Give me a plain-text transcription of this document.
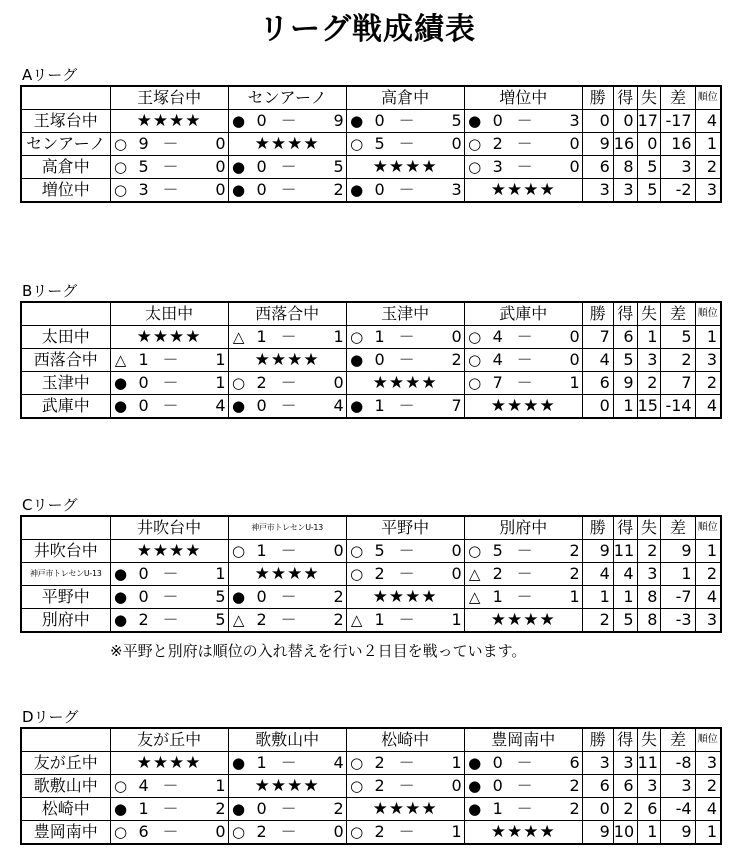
リーグ戦成績表
Aリーグ
	王塚台中	センアーノ	高倉中	増位中	勝	得	失	差	順位
王塚台中	★★★★	● 0 － 9	● 0 － 5	● 0 － 3	0	0	17	-17	4
センアーノ	○ 9 － 0	★★★★	○ 5 － 0	○ 2 － 0	9	16	0	16	1
高倉中	○ 5 － 0	● 0 － 5	★★★★	○ 3 － 0	6	8	5	3	2
増位中	○ 3 － 0	● 0 － 2	● 0 － 3	★★★★	3	3	5	-2	3
Bリーグ
	太田中	西落合中	玉津中	武庫中	勝	得	失	差	順位
太田中	★★★★	△ 1 － 1	○ 1 － 0	○ 4 － 0	7	6	1	5	1
西落合中	△ 1 － 1	★★★★	● 0 － 2	○ 4 － 0	4	5	3	2	3
玉津中	● 0 － 1	○ 2 － 0	★★★★	○ 7 － 1	6	9	2	7	2
武庫中	● 0 － 4	● 0 － 4	● 1 － 7	★★★★	0	1	15	-14	4
Cリーグ
	井吹台中	神戸市トレセンU-13	平野中	別府中	勝	得	失	差	順位
井吹台中	★★★★	○ 1 － 0	○ 5 － 0	○ 5 － 2	9	11	2	9	1
神戸市トレセンU-13	● 0 － 1	★★★★	○ 2 － 0	△ 2 － 2	4	4	3	1	2
平野中	● 0 － 5	● 0 － 2	★★★★	△ 1 － 1	1	1	8	-7	4
別府中	● 2 － 5	△ 2 － 2	△ 1 － 1	★★★★	2	5	8	-3	3
※平野と別府は順位の入れ替えを行い２日目を戦っています。
Dリーグ
	友が丘中	歌敷山中	松崎中	豊岡南中	勝	得	失	差	順位
友が丘中	★★★★	● 1 － 4	○ 2 － 1	● 0 － 6	3	3	11	-8	3
歌敷山中	○ 4 － 1	★★★★	○ 2 － 0	● 0 － 2	6	6	3	3	2
松崎中	● 1 － 2	● 0 － 2	★★★★	● 1 － 2	0	2	6	-4	4
豊岡南中	○ 6 － 0	○ 2 － 0	○ 2 － 1	★★★★	9	10	1	9	1
